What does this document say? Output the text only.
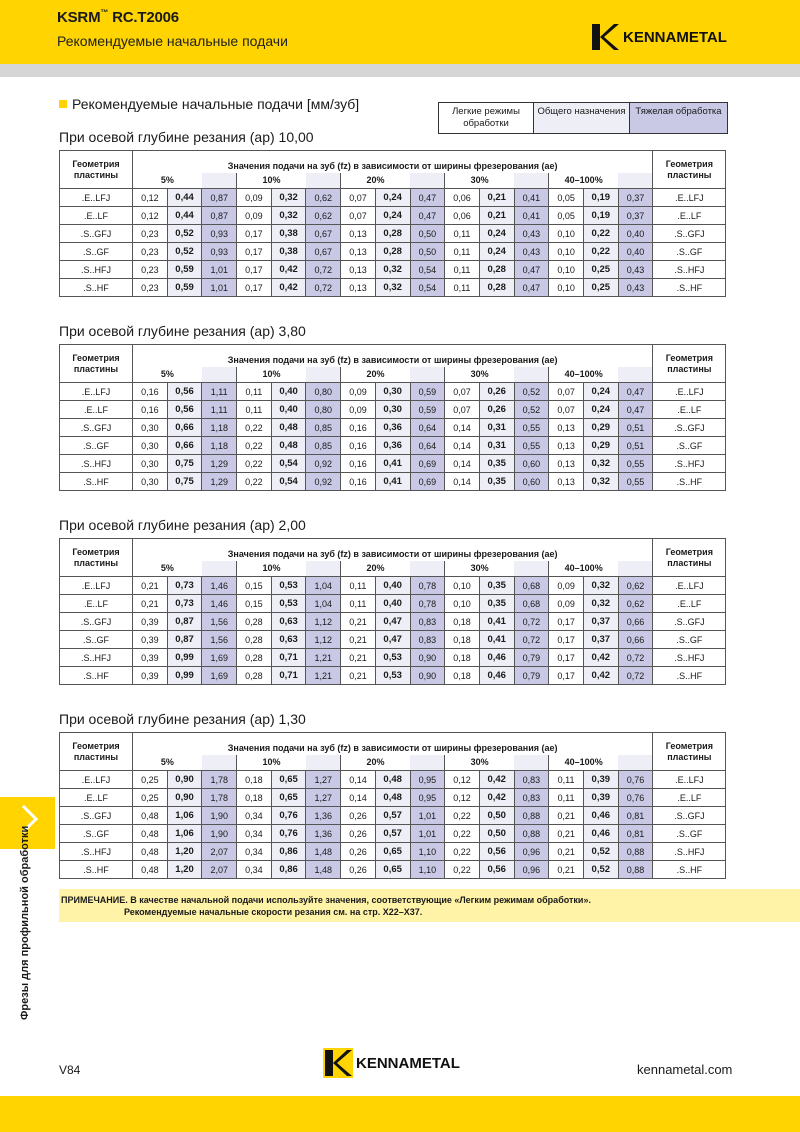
KSRM™ RC.T2006
Рекомендуемые начальные подачи	KENNAMETAL
Рекомендуемые начальные подачи [мм/зуб]	Легкие режимы обработки
Общего назначения	Тяжелая обработка
При осевой глубине резания (ap) 10,00
Геометрия пластины	Значения подачи на зуб (fz) в зависимости от ширины фрезерования (ae)															Геометрия пластины
	5%			10%			20%			30%			40–100%			
.E..LFJ	0,12	0,44	0,87	0,09	0,32	0,62	0,07	0,24	0,47	0,06	0,21	0,41	0,05	0,19	0,37	.E..LFJ
.E..LF	0,12	0,44	0,87	0,09	0,32	0,62	0,07	0,24	0,47	0,06	0,21	0,41	0,05	0,19	0,37	.E..LF
.S..GFJ	0,23	0,52	0,93	0,17	0,38	0,67	0,13	0,28	0,50	0,11	0,24	0,43	0,10	0,22	0,40	.S..GFJ
.S..GF	0,23	0,52	0,93	0,17	0,38	0,67	0,13	0,28	0,50	0,11	0,24	0,43	0,10	0,22	0,40	.S..GF
.S..HFJ	0,23	0,59	1,01	0,17	0,42	0,72	0,13	0,32	0,54	0,11	0,28	0,47	0,10	0,25	0,43	.S..HFJ
.S..HF	0,23	0,59	1,01	0,17	0,42	0,72	0,13	0,32	0,54	0,11	0,28	0,47	0,10	0,25	0,43	.S..HF
При осевой глубине резания (ap) 3,80
Геометрия пластины	Значения подачи на зуб (fz) в зависимости от ширины фрезерования (ae)															Геометрия пластины
	5%			10%			20%			30%			40–100%			
.E..LFJ	0,16	0,56	1,11	0,11	0,40	0,80	0,09	0,30	0,59	0,07	0,26	0,52	0,07	0,24	0,47	.E..LFJ
.E..LF	0,16	0,56	1,11	0,11	0,40	0,80	0,09	0,30	0,59	0,07	0,26	0,52	0,07	0,24	0,47	.E..LF
.S..GFJ	0,30	0,66	1,18	0,22	0,48	0,85	0,16	0,36	0,64	0,14	0,31	0,55	0,13	0,29	0,51	.S..GFJ
.S..GF	0,30	0,66	1,18	0,22	0,48	0,85	0,16	0,36	0,64	0,14	0,31	0,55	0,13	0,29	0,51	.S..GF
.S..HFJ	0,30	0,75	1,29	0,22	0,54	0,92	0,16	0,41	0,69	0,14	0,35	0,60	0,13	0,32	0,55	.S..HFJ
.S..HF	0,30	0,75	1,29	0,22	0,54	0,92	0,16	0,41	0,69	0,14	0,35	0,60	0,13	0,32	0,55	.S..HF
При осевой глубине резания (ap) 2,00
Геометрия пластины	Значения подачи на зуб (fz) в зависимости от ширины фрезерования (ae)															Геометрия пластины
	5%			10%			20%			30%			40–100%			
.E..LFJ	0,21	0,73	1,46	0,15	0,53	1,04	0,11	0,40	0,78	0,10	0,35	0,68	0,09	0,32	0,62	.E..LFJ
.E..LF	0,21	0,73	1,46	0,15	0,53	1,04	0,11	0,40	0,78	0,10	0,35	0,68	0,09	0,32	0,62	.E..LF
.S..GFJ	0,39	0,87	1,56	0,28	0,63	1,12	0,21	0,47	0,83	0,18	0,41	0,72	0,17	0,37	0,66	.S..GFJ
.S..GF	0,39	0,87	1,56	0,28	0,63	1,12	0,21	0,47	0,83	0,18	0,41	0,72	0,17	0,37	0,66	.S..GF
.S..HFJ	0,39	0,99	1,69	0,28	0,71	1,21	0,21	0,53	0,90	0,18	0,46	0,79	0,17	0,42	0,72	.S..HFJ
.S..HF	0,39	0,99	1,69	0,28	0,71	1,21	0,21	0,53	0,90	0,18	0,46	0,79	0,17	0,42	0,72	.S..HF
При осевой глубине резания (ap) 1,30
Геометрия пластины	Значения подачи на зуб (fz) в зависимости от ширины фрезерования (ae)															Геометрия пластины
	5%			10%			20%			30%			40–100%			
.E..LFJ	0,25	0,90	1,78	0,18	0,65	1,27	0,14	0,48	0,95	0,12	0,42	0,83	0,11	0,39	0,76	.E..LFJ
.E..LF	0,25	0,90	1,78	0,18	0,65	1,27	0,14	0,48	0,95	0,12	0,42	0,83	0,11	0,39	0,76	.E..LF
.S..GFJ	0,48	1,06	1,90	0,34	0,76	1,36	0,26	0,57	1,01	0,22	0,50	0,88	0,21	0,46	0,81	.S..GFJ
.S..GF	0,48	1,06	1,90	0,34	0,76	1,36	0,26	0,57	1,01	0,22	0,50	0,88	0,21	0,46	0,81	.S..GF
.S..HFJ	0,48	1,20	2,07	0,34	0,86	1,48	0,26	0,65	1,10	0,22	0,56	0,96	0,21	0,52	0,88	.S..HFJ
.S..HF	0,48	1,20	2,07	0,34	0,86	1,48	0,26	0,65	1,10	0,22	0,56	0,96	0,21	0,52	0,88	.S..HF
ПРИМЕЧАНИЕ. В качестве начальной подачи используйте значения, соответствующие «Легким режимам обработки».
Рекомендуемые начальные скорости резания см. на стр. X22–X37.
Фрезы для профильной обработки
V84	KENNAMETAL	kennametal.com
